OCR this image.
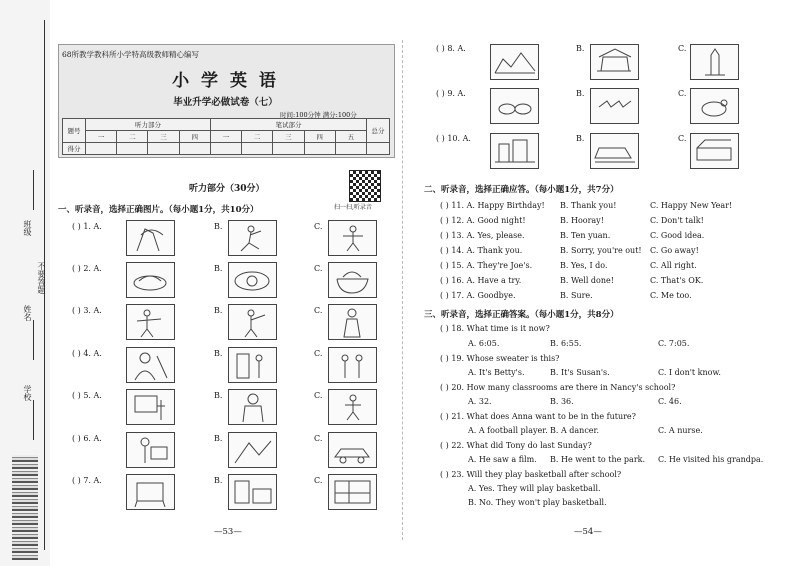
班级
不要答题
姓名
学校
68所教学教科所小学特高级教师精心编写
小 学 英 语
毕业升学必做试卷（七）
时间:100分钟 满分:100分
题号	听力部分				笔试部分					总分
	一	二	三	四	一	二	三	四	五	
得分										
听力部分（30分）
扫一扫,听录音
一、听录音，选择正确图片。（每小题1分，共10分）
( ) 1. A.	B.	C.
( ) 2. A.	B.	C.
( ) 3. A.	B.	C.
( ) 4. A.	B.	C.
( ) 5. A.	B.	C.
( ) 6. A.	B.	C.
( ) 7. A.	B.	C.
—53—
( ) 8. A.	B.	C.
( ) 9. A.	B.	C.
( ) 10. A.	B.	C.
二、听录音，选择正确应答。（每小题1分，共7分）
( ) 11. A. Happy Birthday! B. Thank you!	C. Happy New Year!
( ) 12. A. Good night!	B. Hooray!	C. Don't talk!
( ) 13. A. Yes, please.	B. Ten yuan.	C. Good idea.
( ) 14. A. Thank you.	B. Sorry, you're out! C. Go away!
( ) 15. A. They're Joe's.	B. Yes, I do.	C. All right.
( ) 16. A. Have a try.	B. Well done!	C. That's OK.
( ) 17. A. Goodbye.	B. Sure.	C. Me too.
三、听录音，选择正确答案。（每小题1分，共8分）
( ) 18. What time is it now?
A. 6:05.	B. 6:55.	C. 7:05.
( ) 19. Whose sweater is this?
A. It's Betty's.	B. It's Susan's.	C. I don't know.
( ) 20. How many classrooms are there in Nancy's school?
A. 32.	B. 36.	C. 46.
( ) 21. What does Anna want to be in the future?
A. A football player. B. A dancer.	C. A nurse.
( ) 22. What did Tony do last Sunday?
A. He saw a film. B. He went to the park. C. He visited his grandpa.
( ) 23. Will they play basketball after school?
A. Yes. They will play basketball.
B. No. They won't play basketball.
—54—
